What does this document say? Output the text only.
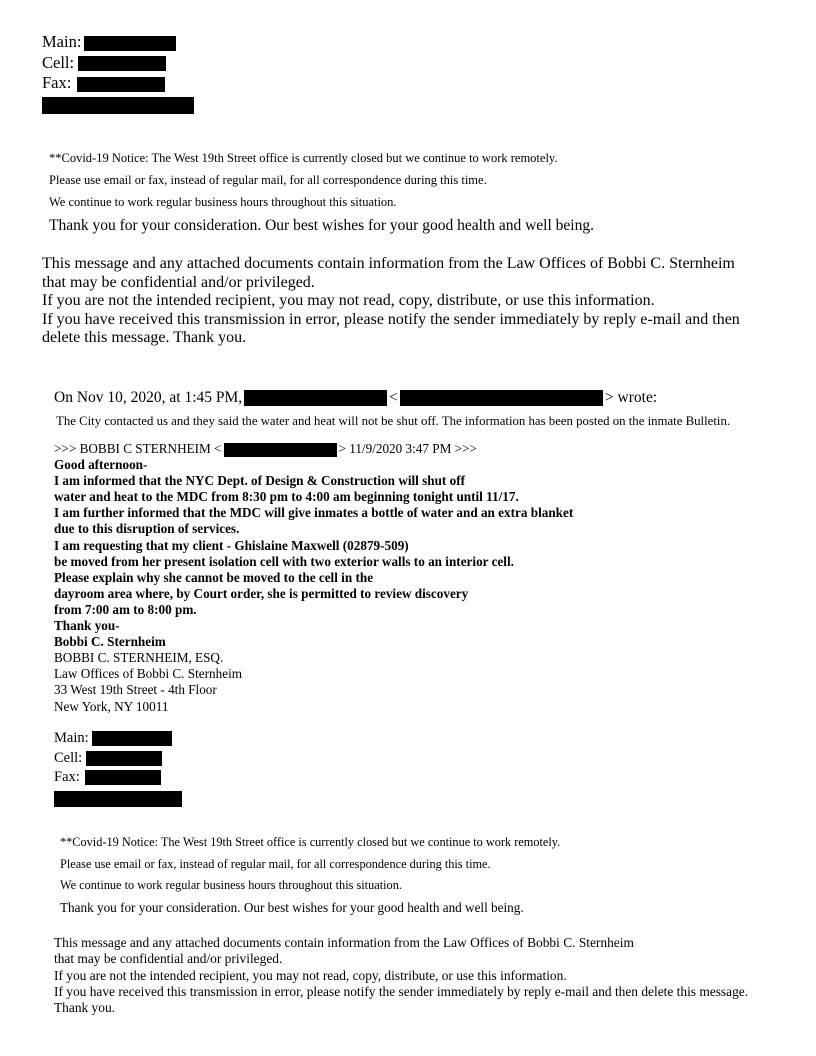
Main:
Cell:
Fax:
**Covid-19 Notice: The West 19th Street office is currently closed but we continue to work remotely.
Please use email or fax, instead of regular mail, for all correspondence during this time.
We continue to work regular business hours throughout this situation.
Thank you for your consideration. Our best wishes for your good health and well being.
This message and any attached documents contain information from the Law Offices of Bobbi C. Sternheim
that may be confidential and/or privileged.
If you are not the intended recipient, you may not read, copy, distribute, or use this information.
If you have received this transmission in error, please notify the sender immediately by reply e-mail and then
delete this message. Thank you.
On Nov 10, 2020, at 1:45 PM,	<	> wrote:
The City contacted us and they said the water and heat will not be shut off. The information has been posted on the inmate Bulletin.
>>> BOBBI C STERNHEIM <	> 11/9/2020 3:47 PM >>>
Good afternoon-
I am informed that the NYC Dept. of Design & Construction will shut off
water and heat to the MDC from 8:30 pm to 4:00 am beginning tonight until 11/17.
I am further informed that the MDC will give inmates a bottle of water and an extra blanket
due to this disruption of services.
I am requesting that my client - Ghislaine Maxwell (02879-509)
be moved from her present isolation cell with two exterior walls to an interior cell.
Please explain why she cannot be moved to the cell in the
dayroom area where, by Court order, she is permitted to review discovery
from 7:00 am to 8:00 pm.
Thank you-
Bobbi C. Sternheim
BOBBI C. STERNHEIM, ESQ.
Law Offices of Bobbi C. Sternheim
33 West 19th Street - 4th Floor
New York, NY 10011
Main:
Cell:
Fax:
**Covid-19 Notice: The West 19th Street office is currently closed but we continue to work remotely.
Please use email or fax, instead of regular mail, for all correspondence during this time.
We continue to work regular business hours throughout this situation.
Thank you for your consideration. Our best wishes for your good health and well being.
This message and any attached documents contain information from the Law Offices of Bobbi C. Sternheim
that may be confidential and/or privileged.
If you are not the intended recipient, you may not read, copy, distribute, or use this information.
If you have received this transmission in error, please notify the sender immediately by reply e-mail and then delete this message.
Thank you.
